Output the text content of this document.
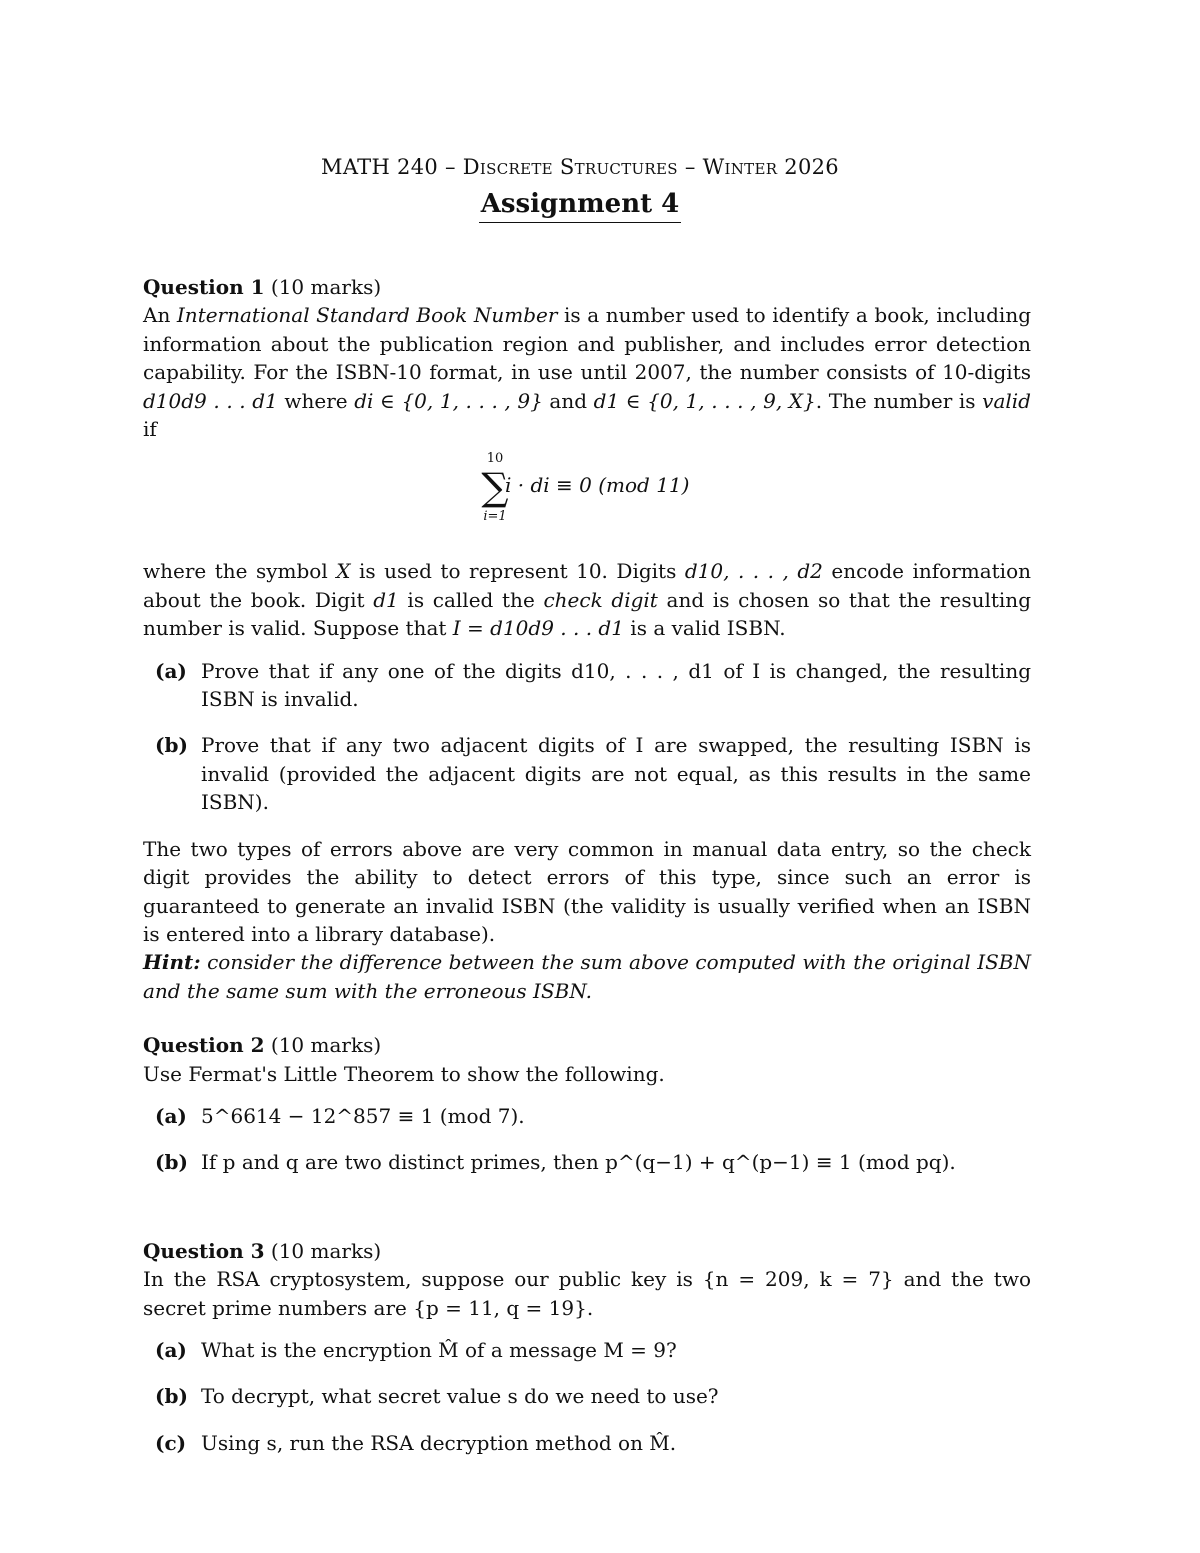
MATH 240 – Discrete Structures – Winter 2026
Assignment 4

Question 1 (10 marks)

An International Standard Book Number is a number used to identify a book, including information about the publication region and publisher, and includes error detection capability. For the ISBN-10 format, in use until 2007, the number consists of 10-digits d10d9 . . . d1 where di ∈ {0, 1, . . . , 9} and d1 ∈ {0, 1, . . . , 9, X}. The number is valid if

10
∑
i=1
i · di ≡ 0 (mod 11)

where the symbol X is used to represent 10. Digits d10, . . . , d2 encode information about the book. Digit d1 is called the check digit and is chosen so that the resulting number is valid. Suppose that I = d10d9 . . . d1 is a valid ISBN.

(a) Prove that if any one of the digits d10, . . . , d1 of I is changed, the resulting ISBN is invalid.
(b) Prove that if any two adjacent digits of I are swapped, the resulting ISBN is invalid (provided the adjacent digits are not equal, as this results in the same ISBN).

The two types of errors above are very common in manual data entry, so the check digit provides the ability to detect errors of this type, since such an error is guaranteed to generate an invalid ISBN (the validity is usually verified when an ISBN is entered into a library database).

Hint: consider the difference between the sum above computed with the original ISBN and the same sum with the erroneous ISBN.

Question 2 (10 marks)

Use Fermat's Little Theorem to show the following.

(a) 5^6614 − 12^857 ≡ 1 (mod 7).
(b) If p and q are two distinct primes, then p^(q−1) + q^(p−1) ≡ 1 (mod pq).

Question 3 (10 marks)

In the RSA cryptosystem, suppose our public key is {n = 209, k = 7} and the two secret prime numbers are {p = 11, q = 19}.

(a) What is the encryption M̂ of a message M = 9?
(b) To decrypt, what secret value s do we need to use?
(c) Using s, run the RSA decryption method on M̂.
